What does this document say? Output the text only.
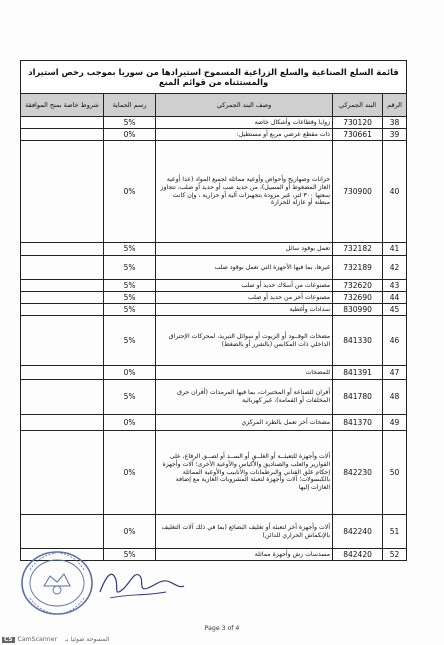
قائمة السلع الصناعية والسلع الزراعية المسموح استيرادها من سوريا بموجب رخص استيراد والمستثناه من قوائم المنع				
الرقم	البند الجمركي	وصف البند الجمركي	رسم الحماية	شروط خاصة بمنح الموافقة
38	730120	زوايا وقطاعات وأشكال خاصة	5%	
39	730661	ذات مقطع عرضي مربع أو مستطيل:	0%	
40	730900	خزانات وصهاريج وأحواض وأوعية مماثلة لجميع المواد (عدا أوعية الغاز المضغوط أو المسيل)، من حديد صب أو حديد أو صلب، تتجاوز سعتها ٣٠٠ لتر، غير مزودة بتجهيزات آلية أو حرارية ، وإن كانت مبطنة أو عازلة للحرارة	0%	
41	732182	تعمل بوقود سائل	5%	
42	732189	غيرها، بما فيها الأجهزة التي تعمل بوقود صلب	5%	
43	732620	مصنوعات من أسلاك حديد أو صلب	5%	
44	732690	مصنوعات أخر من حديد أو صلب	5%	
45	830990	سدادات وأغطية	5%	
46	841330	مضخات الوقــود أو الزيوت أو سوائل التبريد، لمحركات الإحتراق الداخلي ذات المكابس (بالشرر أو بالضغط)	5%	
47	841391	للمضخات	0%	
48	841780	أفران للصناعة أو المختبرات، بما فيها المرمدات (أفران حرق المخلفات أو القمامة)، غير كهربائية	5%	
49	841370	مضخات أخر تعمل بالطرد المركزي	0%	
50	842230	آلات وأجهزة للتعبئــة أو الغلــق أو الســد أو لصــق الرقاع، على القوارير والعلب والصناديق والأكياس والأوعية الأخرى؛ آلات وأجهزة إحكام غلق القناني والبرطمانات والأنابيب والأوعية المماثلة بالكبسولات؛ آلات وأجهزة لتعبئة المشروبات الغازية مع إضافة الغازات إليها	0%	
51	842240	آلات وأجهزة أخر لتعبئة أو تغليف البضائع (بما في ذلك آلات التغليف بالإنكماش الحراري للدائن)	0%	
52	842420	مسدسات رش وأجهزة مماثلة	5%	
Page 3 of 4
CS CamScanner المسوحة ضوئيا بـ
